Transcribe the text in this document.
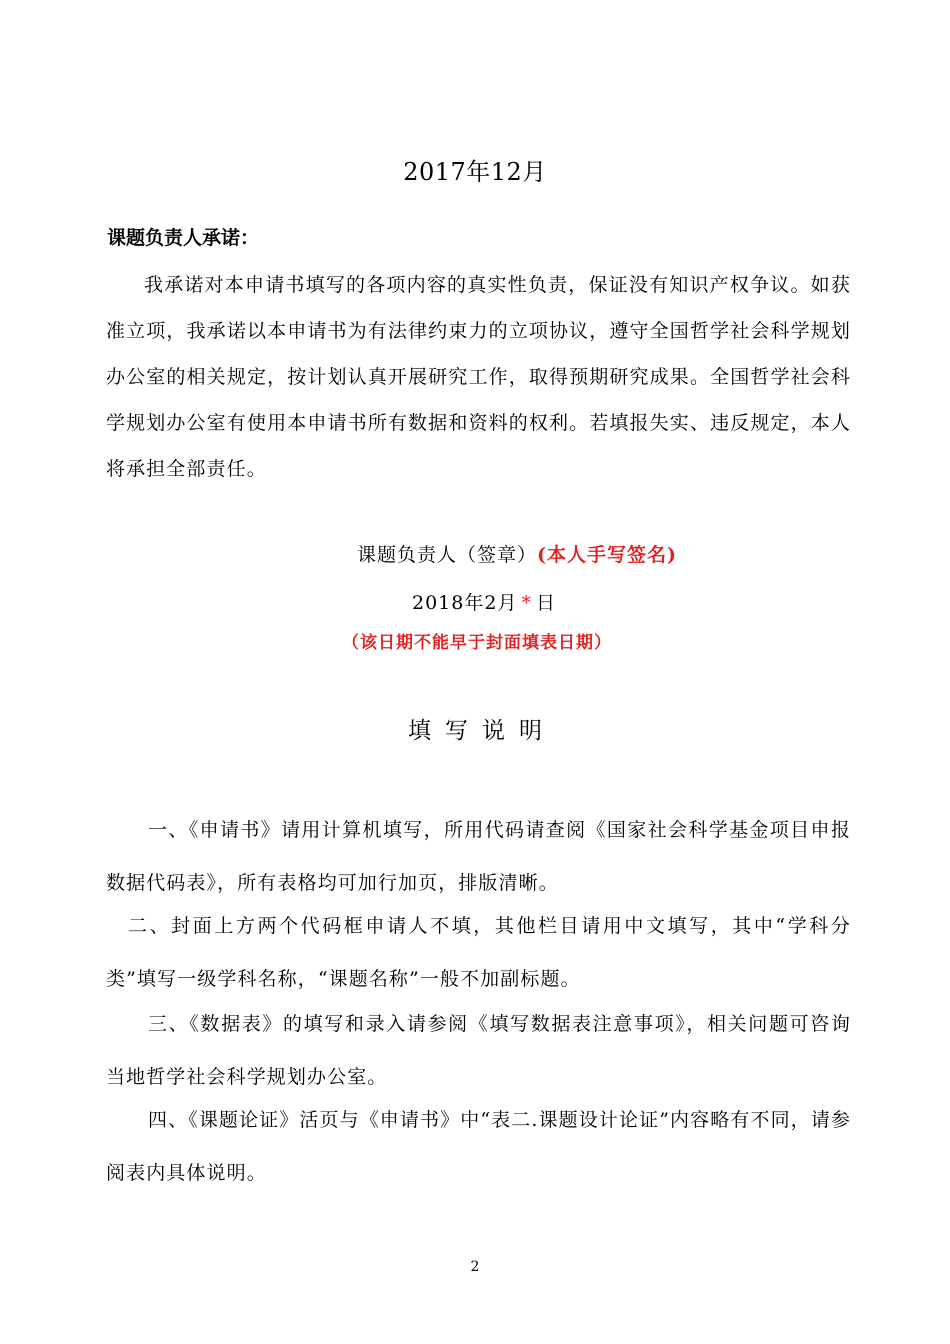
2017年12月
课题负责人承诺：
我承诺对本申请书填写的各项内容的真实性负责，保证没有知识产权争议。如获准立项，我承诺以本申请书为有法律约束力的立项协议，遵守全国哲学社会科学规划办公室的相关规定，按计划认真开展研究工作，取得预期研究成果。全国哲学社会科学规划办公室有使用本申请书所有数据和资料的权利。若填报失实、违反规定，本人将承担全部责任。
课题负责人（签章）(本人手写签名)
2018年2月 * 日
（该日期不能早于封面填表日期）
填写说明
一、《申请书》请用计算机填写，所用代码请查阅《国家社会科学基金项目申报数据代码表》，所有表格均可加行加页，排版清晰。
二、封面上方两个代码框申请人不填，其他栏目请用中文填写，其中“学科分类”填写一级学科名称，“课题名称”一般不加副标题。
三、《数据表》的填写和录入请参阅《填写数据表注意事项》，相关问题可咨询当地哲学社会科学规划办公室。
四、《课题论证》活页与《申请书》中“表二.课题设计论证”内容略有不同，请参阅表内具体说明。
2
